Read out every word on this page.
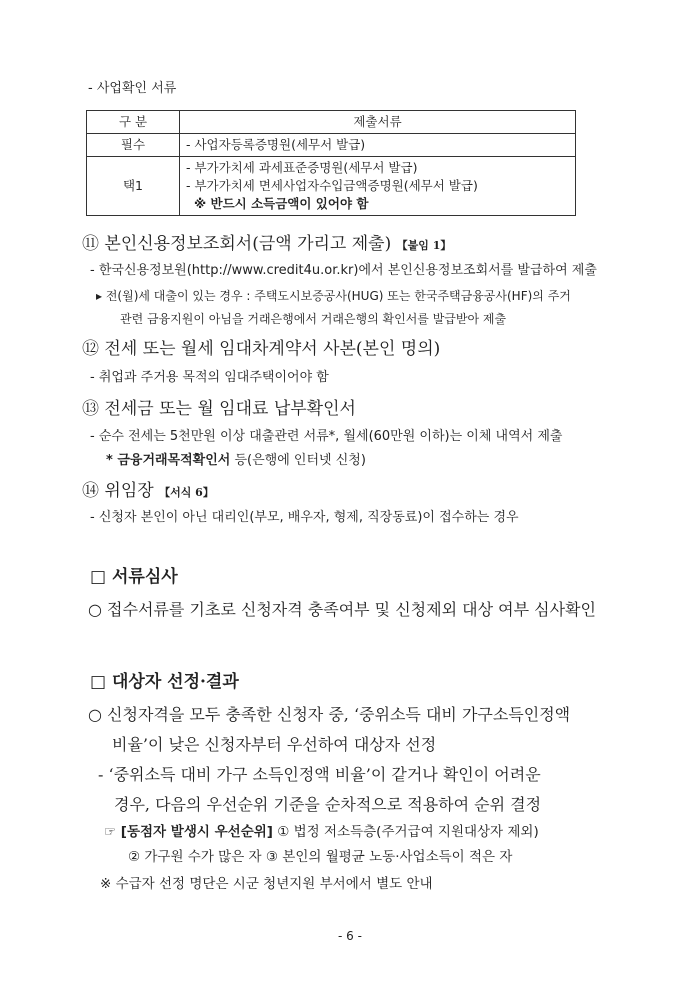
- 사업확인 서류
구 분	제출서류
필수	- 사업자등록증명원(세무서 발급)
택1	- 부가가치세 과세표준증명원(세무서 발급)
- 부가가치세 면세사업자수입금액증명원(세무서 발급)
※ 반드시 소득금액이 있어야 함
⑪ 본인신용정보조회서(금액 가리고 제출) 【붙임 1】
- 한국신용정보원(http://www.credit4u.or.kr)에서 본인신용정보조회서를 발급하여 제출
▸ 전(월)세 대출이 있는 경우 : 주택도시보증공사(HUG) 또는 한국주택금융공사(HF)의 주거
관련 금융지원이 아님을 거래은행에서 거래은행의 확인서를 발급받아 제출
⑫ 전세 또는 월세 임대차계약서 사본(본인 명의)
- 취업과 주거용 목적의 임대주택이어야 함
⑬ 전세금 또는 월 임대료 납부확인서
- 순수 전세는 5천만원 이상 대출관련 서류*, 월세(60만원 이하)는 이체 내역서 제출
* 금융거래목적확인서 등(은행에 인터넷 신청)
⑭ 위임장 【서식 6】
- 신청자 본인이 아닌 대리인(부모, 배우자, 형제, 직장동료)이 접수하는 경우
□ 서류심사
○ 접수서류를 기초로 신청자격 충족여부 및 신청제외 대상 여부 심사확인
□ 대상자 선정·결과
○ 신청자격을 모두 충족한 신청자 중, ‘중위소득 대비 가구소득인정액
비율’이 낮은 신청자부터 우선하여 대상자 선정
- ‘중위소득 대비 가구 소득인정액 비율’이 같거나 확인이 어려운
경우, 다음의 우선순위 기준을 순차적으로 적용하여 순위 결정
☞ [동점자 발생시 우선순위] ① 법정 저소득층(주거급여 지원대상자 제외)
② 가구원 수가 많은 자 ③ 본인의 월평균 노동·사업소득이 적은 자
※ 수급자 선정 명단은 시군 청년지원 부서에서 별도 안내
- 6 -
